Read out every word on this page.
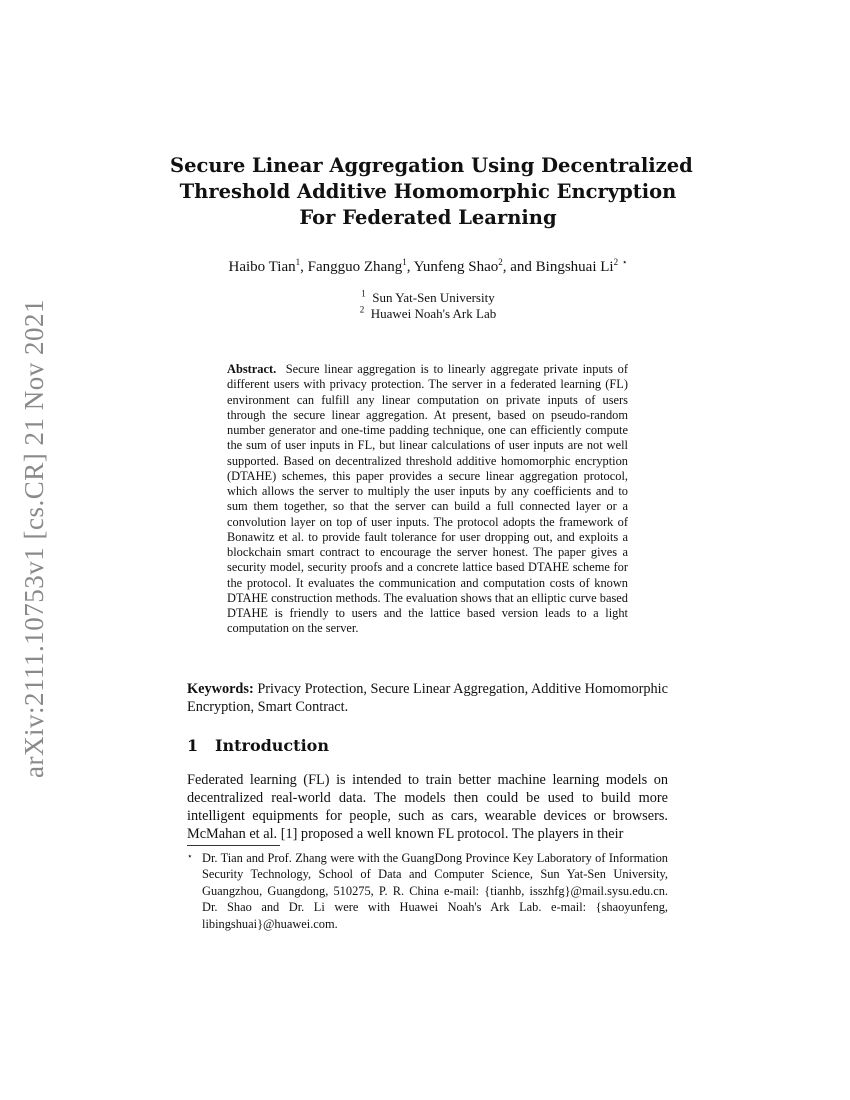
arXiv:2111.10753v1 [cs.CR] 21 Nov 2021
Secure Linear Aggregation Using Decentralized
Threshold Additive Homomorphic Encryption
For Federated Learning
Haibo Tian$^1$, Fangguo Zhang$^1$, Yunfeng Shao$^2$, and Bingshuai Li$^2$ ⋆
$^1$ Sun Yat-Sen University
$^2$ Huawei Noah's Ark Lab
Abstract. Secure linear aggregation is to linearly aggregate private inputs of different users with privacy protection. The server in a federated learning (FL) environment can fulfill any linear computation on private inputs of users through the secure linear aggregation. At present, based on pseudo-random number generator and one-time padding technique, one can efficiently compute the sum of user inputs in FL, but linear calculations of user inputs are not well supported. Based on decentralized threshold additive homomorphic encryption (DTAHE) schemes, this paper provides a secure linear aggregation protocol, which allows the server to multiply the user inputs by any coefficients and to sum them together, so that the server can build a full connected layer or a convolution layer on top of user inputs. The protocol adopts the framework of Bonawitz et al. to provide fault tolerance for user dropping out, and exploits a blockchain smart contract to encourage the server honest. The paper gives a security model, security proofs and a concrete lattice based DTAHE scheme for the protocol. It evaluates the communication and computation costs of known DTAHE construction methods. The evaluation shows that an elliptic curve based DTAHE is friendly to users and the lattice based version leads to a light computation on the server.
Keywords: Privacy Protection, Secure Linear Aggregation, Additive Homomorphic Encryption, Smart Contract.
1 Introduction
Federated learning (FL) is intended to train better machine learning models on decentralized real-world data. The models then could be used to build more intelligent equipments for people, such as cars, wearable devices or browsers. McMahan et al. [1] proposed a well known FL protocol. The players in their
⋆ Dr. Tian and Prof. Zhang were with the GuangDong Province Key Laboratory of Information Security Technology, School of Data and Computer Science, Sun Yat-Sen University, Guangzhou, Guangdong, 510275, P. R. China e-mail: {tianhb, isszhfg}@mail.sysu.edu.cn. Dr. Shao and Dr. Li were with Huawei Noah's Ark Lab. e-mail: {shaoyunfeng, libingshuai}@huawei.com.
